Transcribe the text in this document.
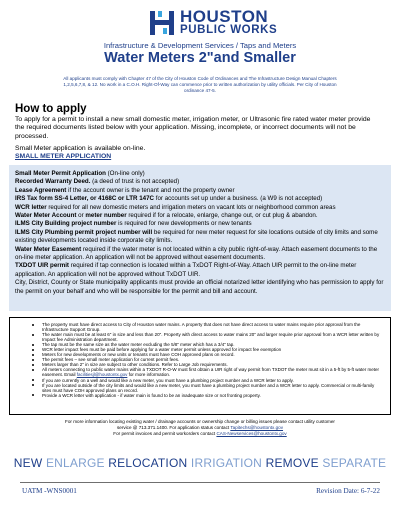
HOUSTON
PUBLIC WORKS
Infrastructure & Development Services / Taps and Meters
Water Meters 2"and Smaller
All applicants must comply with Chapter 47 of the City of Houston Code of Ordinances and The Infrastructure Design Manual Chapters 1,2,5,6,7,8, & 12. No work in a C.O.H. Right-Of-Way can commence prior to written authorization by utility officials. Per City of Houston ordinance 47-5.
How to apply
To apply for a permit to install a new small domestic meter, irrigation meter, or Ultrasonic fire rated water meter provide the required documents listed below with your application. Missing, incomplete, or incorrect documents will not be processed.
Small Meter application is available on-line.
SMALL METER APPLICATION

Small Meter Permit Application (On-line only)

Recorded Warranty Deed. (a deed of trust is not accepted)

Lease Agreement if the account owner is the tenant and not the property owner

IRS Tax form SS-4 Letter, or 4168C or LTR 147C for accounts set up under a business. (a W9 is not accepted)

WCR letter required for all new domestic meters and irrigation meters on vacant lots or neighborhood common areas

Water Meter Account or meter number required if for a relocate, enlarge, change out, or cut plug & abandon.

ILMS City Building project number is required for new developments or new tenants

ILMS City Plumbing permit project number will be required for new meter request for site locations outside of city limits and some existing developments located inside corporate city limits.

Water Meter Easement required if the water meter is not located within a city public right-of-way. Attach easement documents to the on-line meter application. An application will not be approved without easement documents.

TXDOT UIR permit required if tap connection is located within a TxDOT Right-of-Way. Attach UIR permit to the on-line meter application. An application will not be approved without TxDOT UIR.

City, District, County or State municipality applicants must provide an official notarized letter identifying who has permission to apply for the permit on your behalf and who will be responsible for the permit and bill and account.

The property must have direct access to City of Houston water mains. A property that does not have direct access to water mains require prior approval from the Infrastructure Support Group.
The water main must be at least 6" in size and less than 20". Property with direct access to water mains 20" and larger require prior approval from a WCR letter written by Impact fee Administration department.
The tap must be the same size as the water meter excluding the 5/8" meter which has a 3/4" tap.
WCR letter impact fees must be paid before applying for a water meter permit unless approved for impact fee exemption
Meters for new developments or new units or tenants must have COH approved plans on record.
The permit fees – see small meter application for current permit fees.
Meters larger than 2" in size are subject to other conditions. Refer to Large Job requirements.
All meters connecting to public water mains within a TXDOT R-O-W must first obtain a UIR right of way permit from TXDOT the meter must sit in a 5-ft by 5-ft water meter easement. Email facilitiesjl@houstontx.gov for more information.
If you are currently on a well and would like a new meter, you must have a plumbing project number and a WCR letter to apply.
If you are located outside of the city limits and would like a new meter, you must have a plumbing project number and a WCR letter to apply. Commercial or multi-family sites must have COH approved plans on record.
Provide a WCR letter with application - if water main is found to be an inadequate size or not fronting property.
For more information locating existing water / drainage accounts or ownership change or billing issues please contact utility customer
service @ 713.371.1400. For application status contact Tapitechs@houstontx.gov
For permit invoices and permit workorders contact CAS-Newservices@houstontx.gov
NEW ENLARGE RELOCATION IRRIGATION REMOVE SEPARATE
UATM -WNS0001	Revision Date: 6-7-22
